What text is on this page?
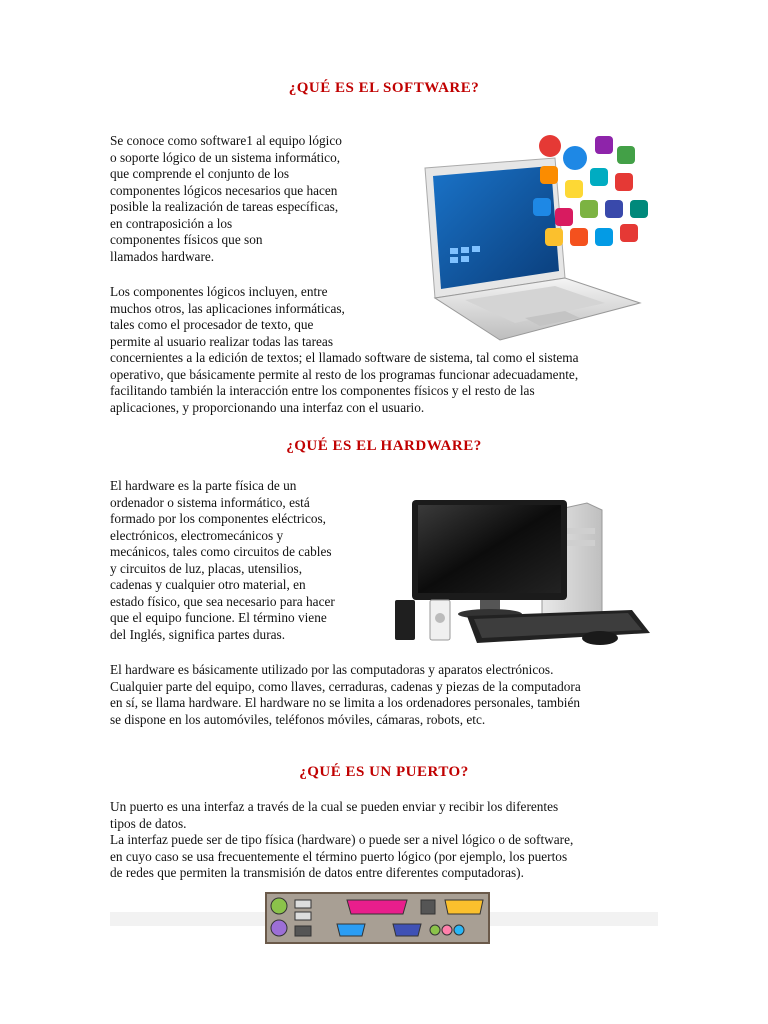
¿QUÉ ES EL SOFTWARE?
Se conoce como software1 al equipo lógico
o soporte lógico de un sistema informático,
que comprende el conjunto de los
componentes lógicos necesarios que hacen
posible la realización de tareas específicas,
en contraposición a los
componentes físicos que son
llamados hardware.
Los componentes lógicos incluyen, entre
muchos otros, las aplicaciones informáticas,
tales como el procesador de texto, que
permite al usuario realizar todas las tareas
concernientes a la edición de textos; el llamado software de sistema, tal como el sistema
operativo, que básicamente permite al resto de los programas funcionar adecuadamente,
facilitando también la interacción entre los componentes físicos y el resto de las
aplicaciones, y proporcionando una interfaz con el usuario.
¿QUÉ ES EL HARDWARE?
El hardware es la parte física de un
ordenador o sistema informático, está
formado por los componentes eléctricos,
electrónicos, electromecánicos y
mecánicos, tales como circuitos de cables
y circuitos de luz, placas, utensilios,
cadenas y cualquier otro material, en
estado físico, que sea necesario para hacer
que el equipo funcione. El término viene
del Inglés, significa partes duras.
El hardware es básicamente utilizado por las computadoras y aparatos electrónicos.
Cualquier parte del equipo, como llaves, cerraduras, cadenas y piezas de la computadora
en sí, se llama hardware. El hardware no se limita a los ordenadores personales, también
se dispone en los automóviles, teléfonos móviles, cámaras, robots, etc.
¿QUÉ ES UN PUERTO?
Un puerto es una interfaz a través de la cual se pueden enviar y recibir los diferentes
tipos de datos.
La interfaz puede ser de tipo física (hardware) o puede ser a nivel lógico o de software,
en cuyo caso se usa frecuentemente el término puerto lógico (por ejemplo, los puertos
de redes que permiten la transmisión de datos entre diferentes computadoras).
